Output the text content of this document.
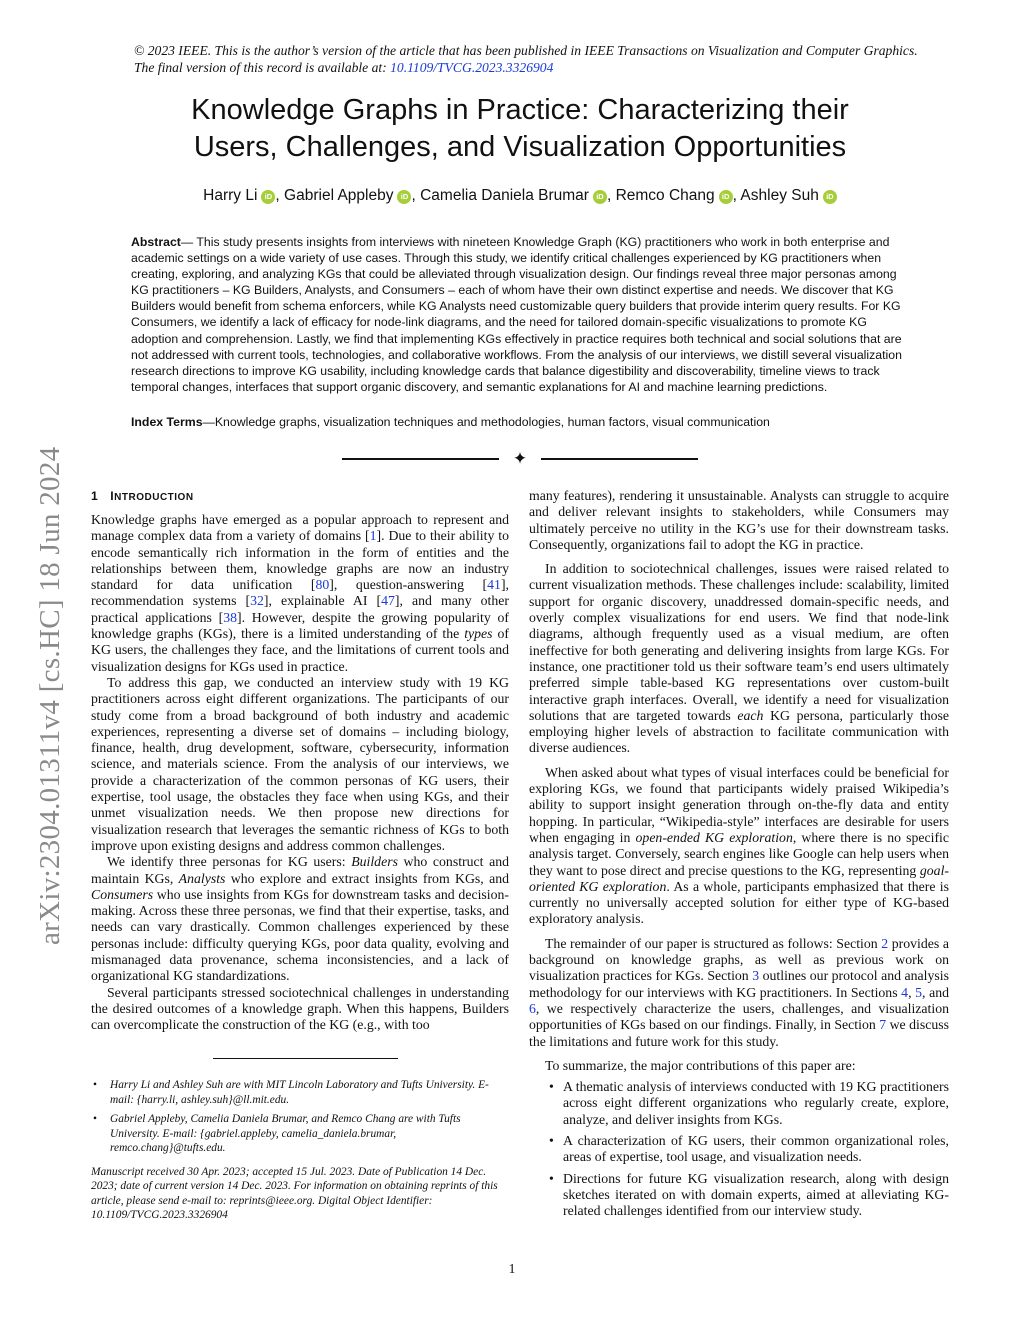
arXiv:2304.01311v4 [cs.HC] 18 Jun 2024
© 2023 IEEE. This is the author’s version of the article that has been published in IEEE Transactions on Visualization and Computer Graphics. The final version of this record is available at: 10.1109/TVCG.2023.3326904
Knowledge Graphs in Practice: Characterizing their
Users, Challenges, and Visualization Opportunities
Harry Li iD , Gabriel Appleby iD , Camelia Daniela Brumar iD , Remco Chang iD , Ashley Suh iD

Abstract— This study presents insights from interviews with nineteen Knowledge Graph (KG) practitioners who work in both enterprise and academic settings on a wide variety of use cases. Through this study, we identify critical challenges experienced by KG practitioners when creating, exploring, and analyzing KGs that could be alleviated through visualization design. Our findings reveal three major personas among KG practitioners – KG Builders, Analysts, and Consumers – each of whom have their own distinct expertise and needs. We discover that KG Builders would benefit from schema enforcers, while KG Analysts need customizable query builders that provide interim query results. For KG Consumers, we identify a lack of efficacy for node-link diagrams, and the need for tailored domain-specific visualizations to promote KG adoption and comprehension. Lastly, we find that implementing KGs effectively in practice requires both technical and social solutions that are not addressed with current tools, technologies, and collaborative workflows. From the analysis of our interviews, we distill several visualization research directions to improve KG usability, including knowledge cards that balance digestibility and discoverability, timeline views to track temporal changes, interfaces that support organic discovery, and semantic explanations for AI and machine learning predictions.

Index Terms—Knowledge graphs, visualization techniques and methodologies, human factors, visual communication

✦
1 INTRODUCTION

Knowledge graphs have emerged as a popular approach to represent and manage complex data from a variety of domains [1]. Due to their ability to encode semantically rich information in the form of entities and the relationships between them, knowledge graphs are now an industry standard for data unification [80], question-answering [41], recommendation systems [32], explainable AI [47], and many other practical applications [38]. However, despite the growing popularity of knowledge graphs (KGs), there is a limited understanding of the types of KG users, the challenges they face, and the limitations of current tools and visualization designs for KGs used in practice.

To address this gap, we conducted an interview study with 19 KG practitioners across eight different organizations. The participants of our study come from a broad background of both industry and academic experiences, representing a diverse set of domains – including biology, finance, health, drug development, software, cybersecurity, information science, and materials science. From the analysis of our interviews, we provide a characterization of the common personas of KG users, their expertise, tool usage, the obstacles they face when using KGs, and their unmet visualization needs. We then propose new directions for visualization research that leverages the semantic richness of KGs to both improve upon existing designs and address common challenges.

We identify three personas for KG users: Builders who construct and maintain KGs, Analysts who explore and extract insights from KGs, and Consumers who use insights from KGs for downstream tasks and decision-making. Across these three personas, we find that their expertise, tasks, and needs can vary drastically. Common challenges experienced by these personas include: difficulty querying KGs, poor data quality, evolving and mismanaged data provenance, schema inconsistencies, and a lack of organizational KG standardizations.

Several participants stressed sociotechnical challenges in understanding the desired outcomes of a knowledge graph. When this happens, Builders can overcomplicate the construction of the KG (e.g., with too

• Harry Li and Ashley Suh are with MIT Lincoln Laboratory and Tufts University. E-mail: {harry.li, ashley.suh}@ll.mit.edu.
• Gabriel Appleby, Camelia Daniela Brumar, and Remco Chang are with Tufts University. E-mail: {gabriel.appleby, camelia_daniela.brumar, remco.chang}@tufts.edu.
Manuscript received 30 Apr. 2023; accepted 15 Jul. 2023. Date of Publication 14 Dec. 2023; date of current version 14 Dec. 2023. For information on obtaining reprints of this article, please send e-mail to: reprints@ieee.org. Digital Object Identifier: 10.1109/TVCG.2023.3326904

many features), rendering it unsustainable. Analysts can struggle to acquire and deliver relevant insights to stakeholders, while Consumers may ultimately perceive no utility in the KG’s use for their downstream tasks. Consequently, organizations fail to adopt the KG in practice.

In addition to sociotechnical challenges, issues were raised related to current visualization methods. These challenges include: scalability, limited support for organic discovery, unaddressed domain-specific needs, and overly complex visualizations for end users. We find that node-link diagrams, although frequently used as a visual medium, are often ineffective for both generating and delivering insights from large KGs. For instance, one practitioner told us their software team’s end users ultimately preferred simple table-based KG representations over custom-built interactive graph interfaces. Overall, we identify a need for visualization solutions that are targeted towards each KG persona, particularly those employing higher levels of abstraction to facilitate communication with diverse audiences.

When asked about what types of visual interfaces could be beneficial for exploring KGs, we found that participants widely praised Wikipedia’s ability to support insight generation through on-the-fly data and entity hopping. In particular, “Wikipedia-style” interfaces are desirable for users when engaging in open-ended KG exploration, where there is no specific analysis target. Conversely, search engines like Google can help users when they want to pose direct and precise questions to the KG, representing goal-oriented KG exploration. As a whole, participants emphasized that there is currently no universally accepted solution for either type of KG-based exploratory analysis.

The remainder of our paper is structured as follows: Section 2 provides a background on knowledge graphs, as well as previous work on visualization practices for KGs. Section 3 outlines our protocol and analysis methodology for our interviews with KG practitioners. In Sections 4, 5, and 6, we respectively characterize the users, challenges, and visualization opportunities of KGs based on our findings. Finally, in Section 7 we discuss the limitations and future work for this study.

To summarize, the major contributions of this paper are:

• A thematic analysis of interviews conducted with 19 KG practitioners across eight different organizations who regularly create, explore, analyze, and deliver insights from KGs.
• A characterization of KG users, their common organizational roles, areas of expertise, tool usage, and visualization needs.
• Directions for future KG visualization research, along with design sketches iterated on with domain experts, aimed at alleviating KG-related challenges identified from our interview study.
1
